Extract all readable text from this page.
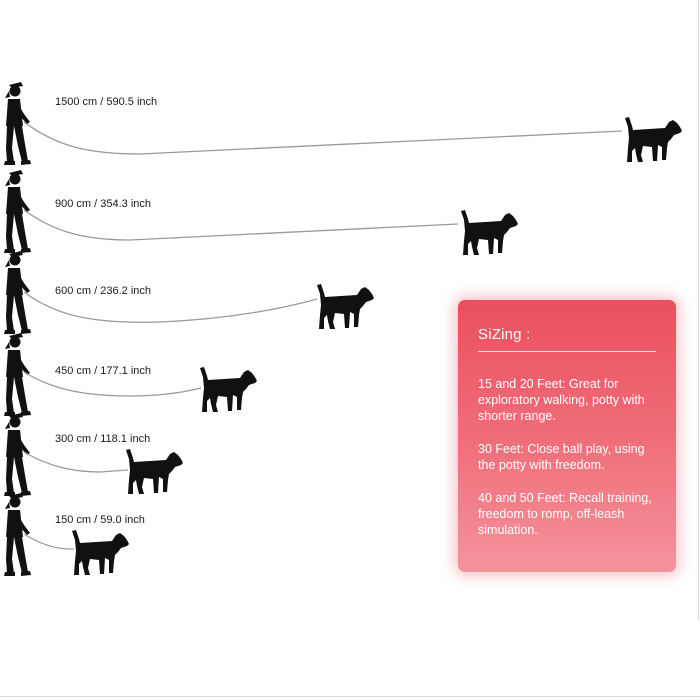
1500 cm / 590.5 inch
900 cm / 354.3 inch
600 cm / 236.2 inch
450 cm / 177.1 inch
300 cm / 118.1 inch
150 cm / 59.0 inch
SiZing :
15 and 20 Feet: Great for exploratory walking, potty with shorter range.
30 Feet: Close ball play, using the potty with freedom.
40 and 50 Feet: Recall training, freedom to romp, off-leash simulation.
